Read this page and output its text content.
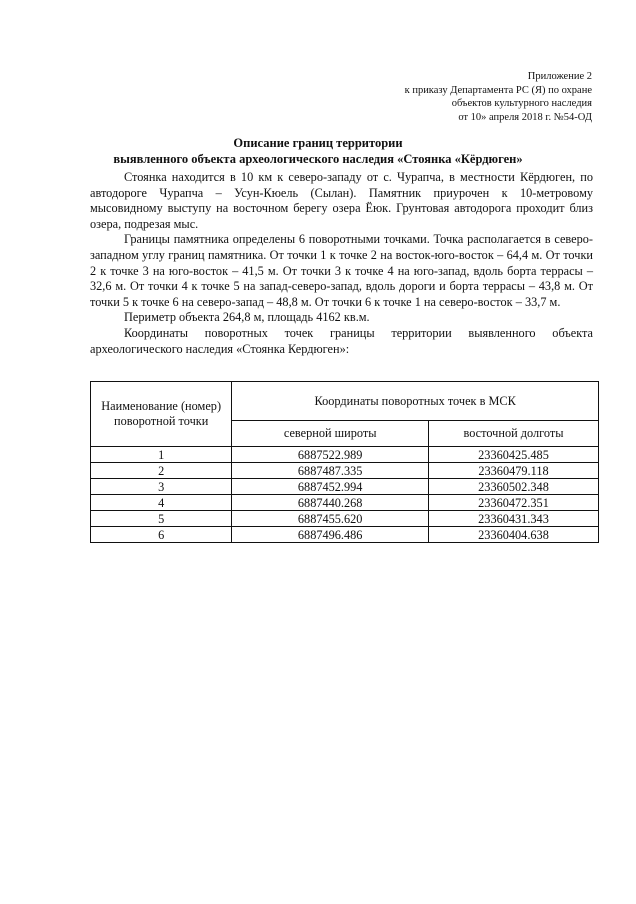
Приложение 2
к приказу Департамента РС (Я) по охране
объектов культурного наследия
от 10» апреля 2018 г. №54-ОД
Описание границ территории
выявленного объекта археологического наследия «Стоянка «Кёрдюген»

Стоянка находится в 10 км к северо-западу от с. Чурапча, в местности Кёрдюген, по автодороге Чурапча – Усун-Кюель (Сылан). Памятник приурочен к 10-метровому мысовидному выступу на восточном берегу озера Ёюк. Грунтовая автодорога проходит близ озера, подрезая мыс.

Границы памятника определены 6 поворотными точками. Точка располагается в северо-западном углу границ памятника. От точки 1 к точке 2 на восток-юго-восток – 64,4 м. От точки 2 к точке 3 на юго-восток – 41,5 м. От точки 3 к точке 4 на юго-запад, вдоль борта террасы – 32,6 м. От точки 4 к точке 5 на запад-северо-запад, вдоль дороги и борта террасы – 43,8 м. От точки 5 к точке 6 на северо-запад – 48,8 м. От точки 6 к точке 1 на северо-восток – 33,7 м.

Периметр объекта 264,8 м, площадь 4162 кв.м.

Координаты поворотных точек границы территории выявленного объекта археологического наследия «Стоянка Кердюген»:

Наименование (номер) поворотной точки	Координаты поворотных точек в МСК	
	северной широты	восточной долготы
1	6887522.989	23360425.485
2	6887487.335	23360479.118
3	6887452.994	23360502.348
4	6887440.268	23360472.351
5	6887455.620	23360431.343
6	6887496.486	23360404.638
